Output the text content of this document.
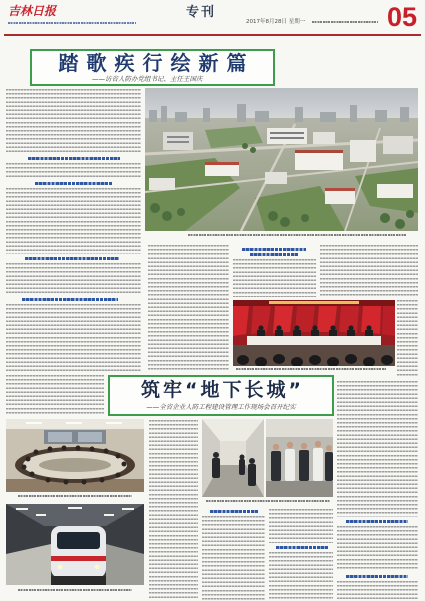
吉林日报	专刊
2017年8月28日 星期一	05
踏歌疾行绘新篇

——访省人防办党组书记、主任王国庆

筑牢“地下长城”

——全省企业人防工程建设管理工作现场会召开纪实
